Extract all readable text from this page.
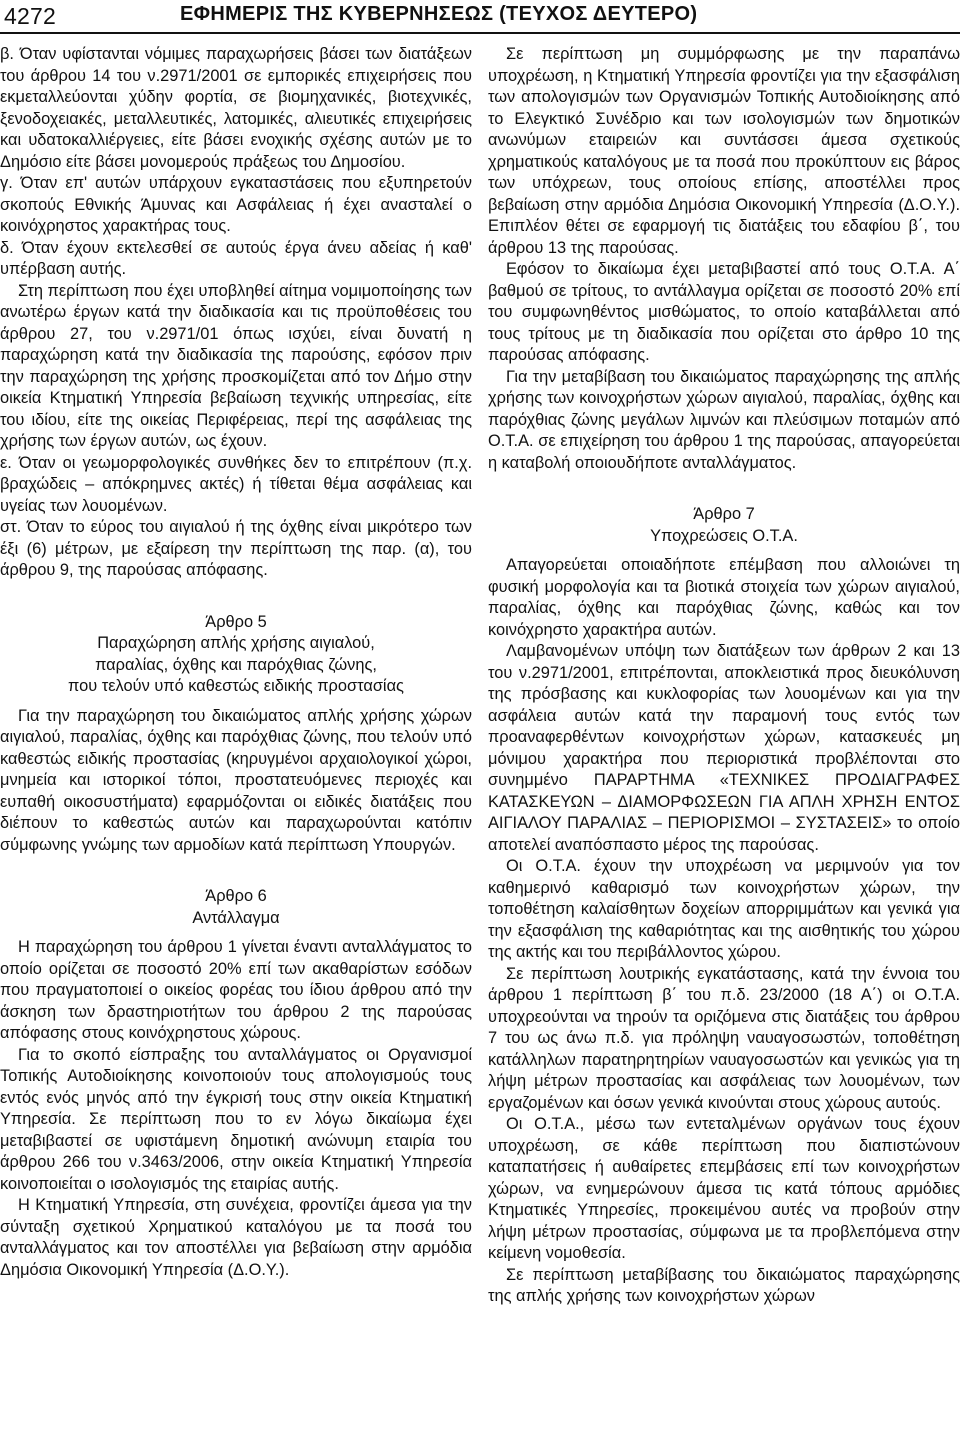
4272	ΕΦΗΜΕΡΙΣ ΤΗΣ ΚΥΒΕΡΝΗΣΕΩΣ (ΤΕΥΧΟΣ ΔΕΥΤΕΡΟ)

β. Όταν υφίστανται νόμιμες παραχωρήσεις βάσει των διατάξεων του άρθρου 14 του ν.2971/2001 σε εμπορικές επιχειρήσεις που εκμεταλλεύονται χύδην φορτία, σε βιομηχανικές, βιοτεχνικές, ξενοδοχειακές, μεταλλευτικές, λατομικές, αλιευτικές επιχειρήσεις και υδατοκαλλιέργειες, είτε βάσει ενοχικής σχέσης αυτών με το Δημόσιο είτε βάσει μονομερούς πράξεως του Δημοσίου.

γ. Όταν επ' αυτών υπάρχουν εγκαταστάσεις που εξυπηρετούν σκοπούς Εθνικής Άμυνας και Ασφάλειας ή έχει ανασταλεί ο κοινόχρηστος χαρακτήρας τους.

δ. Όταν έχουν εκτελεσθεί σε αυτούς έργα άνευ αδείας ή καθ' υπέρβαση αυτής.

Στη περίπτωση που έχει υποβληθεί αίτημα νομιμοποίησης των ανωτέρω έργων κατά την διαδικασία και τις προϋποθέσεις του άρθρου 27, του ν.2971/01 όπως ισχύει, είναι δυνατή η παραχώρηση κατά την διαδικασία της παρούσης, εφόσον πριν την παραχώρηση της χρήσης προσκομίζεται από τον Δήμο στην οικεία Κτηματική Υπηρεσία βεβαίωση τεχνικής υπηρεσίας, είτε του ιδίου, είτε της οικείας Περιφέρειας, περί της ασφάλειας της χρήσης των έργων αυτών, ως έχουν.

ε. Όταν οι γεωμορφολογικές συνθήκες δεν το επιτρέπουν (π.χ. βραχώδεις – απόκρημνες ακτές) ή τίθεται θέμα ασφάλειας και υγείας των λουομένων.

στ. Όταν το εύρος του αιγιαλού ή της όχθης είναι μικρότερο των έξι (6) μέτρων, με εξαίρεση την περίπτωση της παρ. (α), του άρθρου 9, της παρούσας απόφασης.

Άρθρο 5
Παραχώρηση απλής χρήσης αιγιαλού,
παραλίας, όχθης και παρόχθιας ζώνης,
που τελούν υπό καθεστώς ειδικής προστασίας

Για την παραχώρηση του δικαιώματος απλής χρήσης χώρων αιγιαλού, παραλίας, όχθης και παρόχθιας ζώνης, που τελούν υπό καθεστώς ειδικής προστασίας (κηρυγμένοι αρχαιολογικοί χώροι, μνημεία και ιστορικοί τόποι, προστατευόμενες περιοχές και ευπαθή οικοσυστήματα) εφαρμόζονται οι ειδικές διατάξεις που διέπουν το καθεστώς αυτών και παραχωρούνται κατόπιν σύμφωνης γνώμης των αρμοδίων κατά περίπτωση Υπουργών.

Άρθρο 6
Αντάλλαγμα

Η παραχώρηση του άρθρου 1 γίνεται έναντι ανταλλάγματος το οποίο ορίζεται σε ποσοστό 20% επί των ακαθαρίστων εσόδων που πραγματοποιεί ο οικείος φορέας του ίδιου άρθρου από την άσκηση των δραστηριοτήτων του άρθρου 2 της παρούσας απόφασης στους κοινόχρηστους χώρους.

Για το σκοπό είσπραξης του ανταλλάγματος οι Οργανισμοί Τοπικής Αυτοδιοίκησης κοινοποιούν τους απολογισμούς τους εντός ενός μηνός από την έγκρισή τους στην οικεία Κτηματική Υπηρεσία. Σε περίπτωση που το εν λόγω δικαίωμα έχει μεταβιβαστεί σε υφιστάμενη δημοτική ανώνυμη εταιρία του άρθρου 266 του ν.3463/2006, στην οικεία Κτηματική Υπηρεσία κοινοποιείται ο ισολογισμός της εταιρίας αυτής.

Η Κτηματική Υπηρεσία, στη συνέχεια, φροντίζει άμεσα για την σύνταξη σχετικού Χρηματικού καταλόγου με τα ποσά του ανταλλάγματος και τον αποστέλλει για βεβαίωση στην αρμόδια Δημόσια Οικονομική Υπηρεσία (Δ.Ο.Υ.).

Σε περίπτωση μη συμμόρφωσης με την παραπάνω υποχρέωση, η Κτηματική Υπηρεσία φροντίζει για την εξασφάλιση των απολογισμών των Οργανισμών Τοπικής Αυτοδιοίκησης από το Ελεγκτικό Συνέδριο και των ισολογισμών των δημοτικών ανωνύμων εταιρειών και συντάσσει άμεσα σχετικούς χρηματικούς καταλόγους με τα ποσά που προκύπτουν εις βάρος των υπόχρεων, τους οποίους επίσης, αποστέλλει προς βεβαίωση στην αρμόδια Δημόσια Οικονομική Υπηρεσία (Δ.Ο.Υ.). Επιπλέον θέτει σε εφαρμογή τις διατάξεις του εδαφίου β΄, του άρθρου 13 της παρούσας.

Εφόσον το δικαίωμα έχει μεταβιβαστεί από τους Ο.Τ.Α. Α΄ βαθμού σε τρίτους, το αντάλλαγμα ορίζεται σε ποσοστό 20% επί του συμφωνηθέντος μισθώματος, το οποίο καταβάλλεται από τους τρίτους με τη διαδικασία που ορίζεται στο άρθρο 10 της παρούσας απόφασης.

Για την μεταβίβαση του δικαιώματος παραχώρησης της απλής χρήσης των κοινοχρήστων χώρων αιγιαλού, παραλίας, όχθης και παρόχθιας ζώνης μεγάλων λιμνών και πλεύσιμων ποταμών από Ο.Τ.Α. σε επιχείρηση του άρθρου 1 της παρούσας, απαγορεύεται η καταβολή οποιουδήποτε ανταλλάγματος.

Άρθρο 7
Υποχρεώσεις Ο.Τ.Α.

Απαγορεύεται οποιαδήποτε επέμβαση που αλλοιώνει τη φυσική μορφολογία και τα βιοτικά στοιχεία των χώρων αιγιαλού, παραλίας, όχθης και παρόχθιας ζώνης, καθώς και τον κοινόχρηστο χαρακτήρα αυτών.

Λαμβανομένων υπόψη των διατάξεων των άρθρων 2 και 13 του ν.2971/2001, επιτρέπονται, αποκλειστικά προς διευκόλυνση της πρόσβασης και κυκλοφορίας των λουομένων και για την ασφάλεια αυτών κατά την παραμονή τους εντός των προαναφερθέντων κοινοχρήστων χώρων, κατασκευές μη μόνιμου χαρακτήρα που περιοριστικά προβλέπονται στο συνημμένο ΠΑΡΑΡΤΗΜΑ «ΤΕΧΝΙΚΕΣ ΠΡΟΔΙΑΓΡΑΦΕΣ ΚΑΤΑΣΚΕΥΩΝ – ΔΙΑΜΟΡΦΩΣΕΩΝ ΓΙΑ ΑΠΛΗ ΧΡΗΣΗ ΕΝΤΟΣ ΑΙΓΙΑΛΟΥ ΠΑΡΑΛΙΑΣ – ΠΕΡΙΟΡΙΣΜΟΙ – ΣΥΣΤΑΣΕΙΣ» το οποίο αποτελεί αναπόσπαστο μέρος της παρούσας.

Οι Ο.Τ.Α. έχουν την υποχρέωση να μεριμνούν για τον καθημερινό καθαρισμό των κοινοχρήστων χώρων, την τοποθέτηση καλαίσθητων δοχείων απορριμμάτων και γενικά για την εξασφάλιση της καθαριότητας και της αισθητικής του χώρου της ακτής και του περιβάλλοντος χώρου.

Σε περίπτωση λουτρικής εγκατάστασης, κατά την έννοια του άρθρου 1 περίπτωση β΄ του π.δ. 23/2000 (18 Α΄) οι Ο.Τ.Α. υποχρεούνται να τηρούν τα οριζόμενα στις διατάξεις του άρθρου 7 του ως άνω π.δ. για πρόληψη ναυαγοσωστών, τοποθέτηση κατάλληλων παρατηρητηρίων ναυαγοσωστών και γενικώς για τη λήψη μέτρων προστασίας και ασφάλειας των λουομένων, των εργαζομένων και όσων γενικά κινούνται στους χώρους αυτούς.

Οι Ο.Τ.Α., μέσω των εντεταλμένων οργάνων τους έχουν υποχρέωση, σε κάθε περίπτωση που διαπιστώνουν καταπατήσεις ή αυθαίρετες επεμβάσεις επί των κοινοχρήστων χώρων, να ενημερώνουν άμεσα τις κατά τόπους αρμόδιες Κτηματικές Υπηρεσίες, προκειμένου αυτές να προβούν στην λήψη μέτρων προστασίας, σύμφωνα με τα προβλεπόμενα στην κείμενη νομοθεσία.

Σε περίπτωση μεταβίβασης του δικαιώματος παραχώρησης της απλής χρήσης των κοινοχρήστων χώρων
